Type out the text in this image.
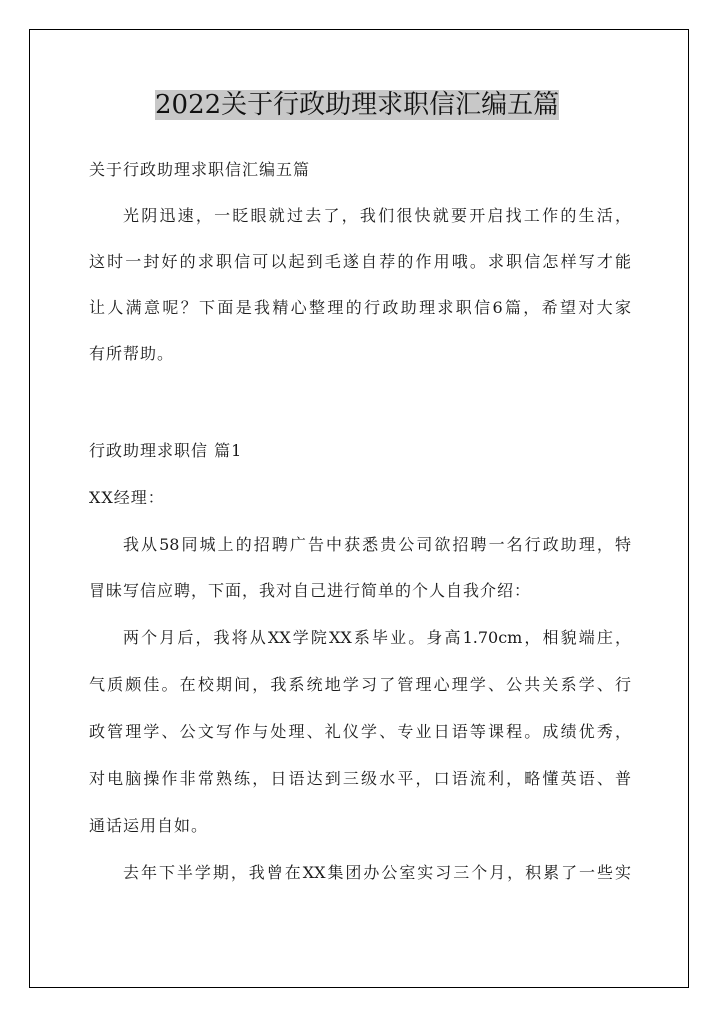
2022关于行政助理求职信汇编五篇
关于行政助理求职信汇编五篇
光阴迅速，一眨眼就过去了，我们很快就要开启找工作的生活，
这时一封好的求职信可以起到毛遂自荐的作用哦。求职信怎样写才能
让人满意呢？下面是我精心整理的行政助理求职信6篇，希望对大家
有所帮助。
行政助理求职信 篇1
XX经理：
我从58同城上的招聘广告中获悉贵公司欲招聘一名行政助理，特
冒昧写信应聘，下面，我对自己进行简单的个人自我介绍：
两个月后，我将从XX学院XX系毕业。身高1.70cm，相貌端庄，
气质颇佳。在校期间，我系统地学习了管理心理学、公共关系学、行
政管理学、公文写作与处理、礼仪学、专业日语等课程。成绩优秀，
对电脑操作非常熟练，日语达到三级水平，口语流利，略懂英语、普
通话运用自如。
去年下半学期，我曾在XX集团办公室实习三个月，积累了一些实
